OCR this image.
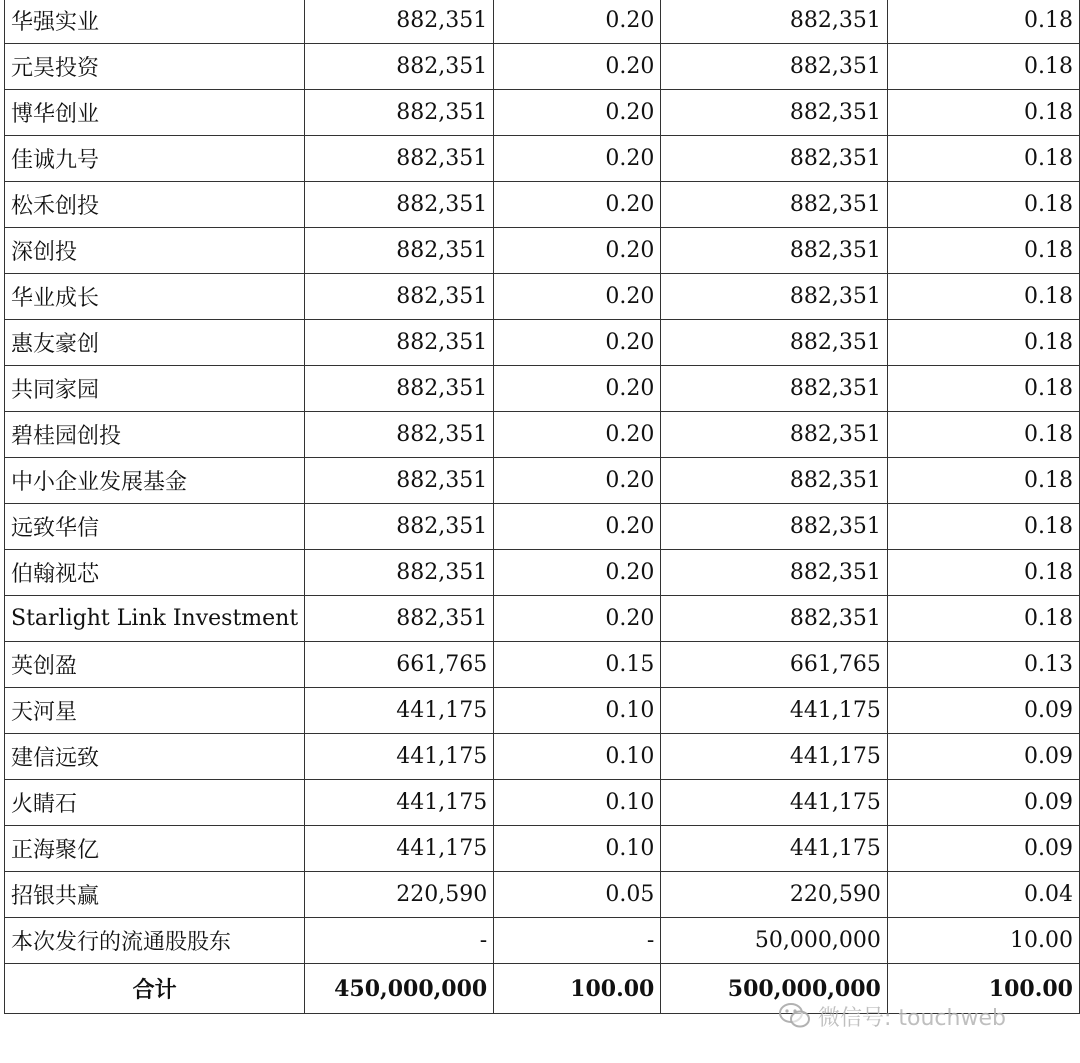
华强实业	882,351	0.20	882,351	0.18
元昊投资	882,351	0.20	882,351	0.18
博华创业	882,351	0.20	882,351	0.18
佳诚九号	882,351	0.20	882,351	0.18
松禾创投	882,351	0.20	882,351	0.18
深创投	882,351	0.20	882,351	0.18
华业成长	882,351	0.20	882,351	0.18
惠友豪创	882,351	0.20	882,351	0.18
共同家园	882,351	0.20	882,351	0.18
碧桂园创投	882,351	0.20	882,351	0.18
中小企业发展基金	882,351	0.20	882,351	0.18
远致华信	882,351	0.20	882,351	0.18
伯翰视芯	882,351	0.20	882,351	0.18
Starlight Link Investment	882,351	0.20	882,351	0.18
英创盈	661,765	0.15	661,765	0.13
天河星	441,175	0.10	441,175	0.09
建信远致	441,175	0.10	441,175	0.09
火睛石	441,175	0.10	441,175	0.09
正海聚亿	441,175	0.10	441,175	0.09
招银共赢	220,590	0.05	220,590	0.04
本次发行的流通股股东	-	-	50,000,000	10.00
合计	450,000,000	100.00	500,000,000	100.00
微信号: touchweb
